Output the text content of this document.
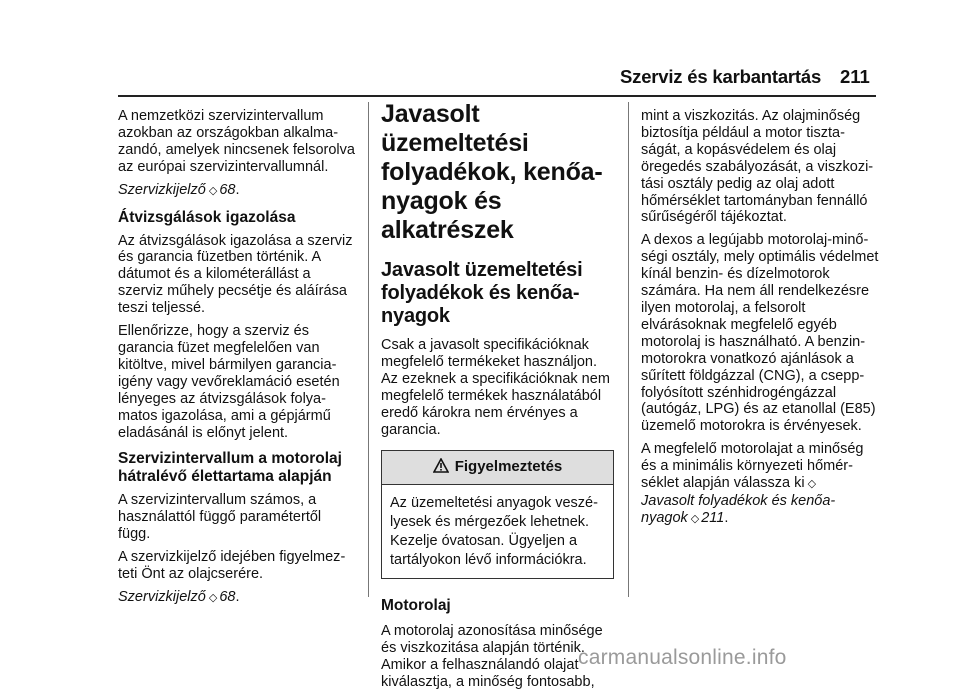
Szerviz és karbantartás 211

A nemzetközi szervizintervallum azokban az országokban alkalmazandó, amelyek nincsenek felsorolva az európai szervizintervallumnál.

Szervizkijelző ◇ 68.

Átvizsgálások igazolása

Az átvizsgálások igazolása a szerviz és garancia füzetben történik. A dátumot és a kilométerállást a szerviz műhely pecsétje és aláírása teszi teljessé.

Ellenőrizze, hogy a szerviz és garancia füzet megfelelően van kitöltve, mivel bármilyen garanciaigény vagy vevőreklamáció esetén lényeges az átvizsgálások folyamatos igazolása, ami a gépjármű eladásánál is előnyt jelent.

Szervizintervallum a motorolaj
hátralévő élettartama alapján

A szervizintervallum számos, a használattól függő paramétertől függ.

A szervizkijelző idejében figyelmezteti Önt az olajcserére.

Szervizkijelző ◇ 68.

Javasolt üzemeltetési
folyadékok, kenőa-
nyagok és alkatrészek
Javasolt üzemeltetési
folyadékok és kenőa-
nyagok

Csak a javasolt specifikációknak megfelelő termékeket használjon. Az ezeknek a specifikációknak nem megfelelő termékek használatából eredő károkra nem érvényes a garancia.

Figyelmeztetés

Az üzemeltetési anyagok veszélyesek és mérgezőek lehetnek. Kezelje óvatosan. Ügyeljen a tartályokon lévő információkra.

Motorolaj

A motorolaj azonosítása minősége és viszkozitása alapján történik. Amikor a felhasználandó olajat kiválasztja, a minőség fontosabb,

mint a viszkozitás. Az olajminőség biztosítja például a motor tisztaságát, a kopásvédelem és olaj öregedés szabályozását, a viszkozitási osztály pedig az olaj adott hőmérséklet tartományban fennálló sűrűségéről tájékoztat.

A dexos a legújabb motorolaj-minőségi osztály, mely optimális védelmet kínál benzin- és dízelmotorok számára. Ha nem áll rendelkezésre ilyen motorolaj, a felsorolt elvárásoknak megfelelő egyéb motorolaj is használható. A benzinmotorokra vonatkozó ajánlások a sűrített földgázzal (CNG), a cseppfolyósított szénhidrogéngázzal (autógáz, LPG) és az etanollal (E85) üzemelő motorokra is érvényesek.

A megfelelő motorolajat a minőség és a minimális környezeti hőmérséklet alapján válassza ki ◇
Javasolt folyadékok és kenőa-
nyagok ◇ 211.

carmanualsonline.info
